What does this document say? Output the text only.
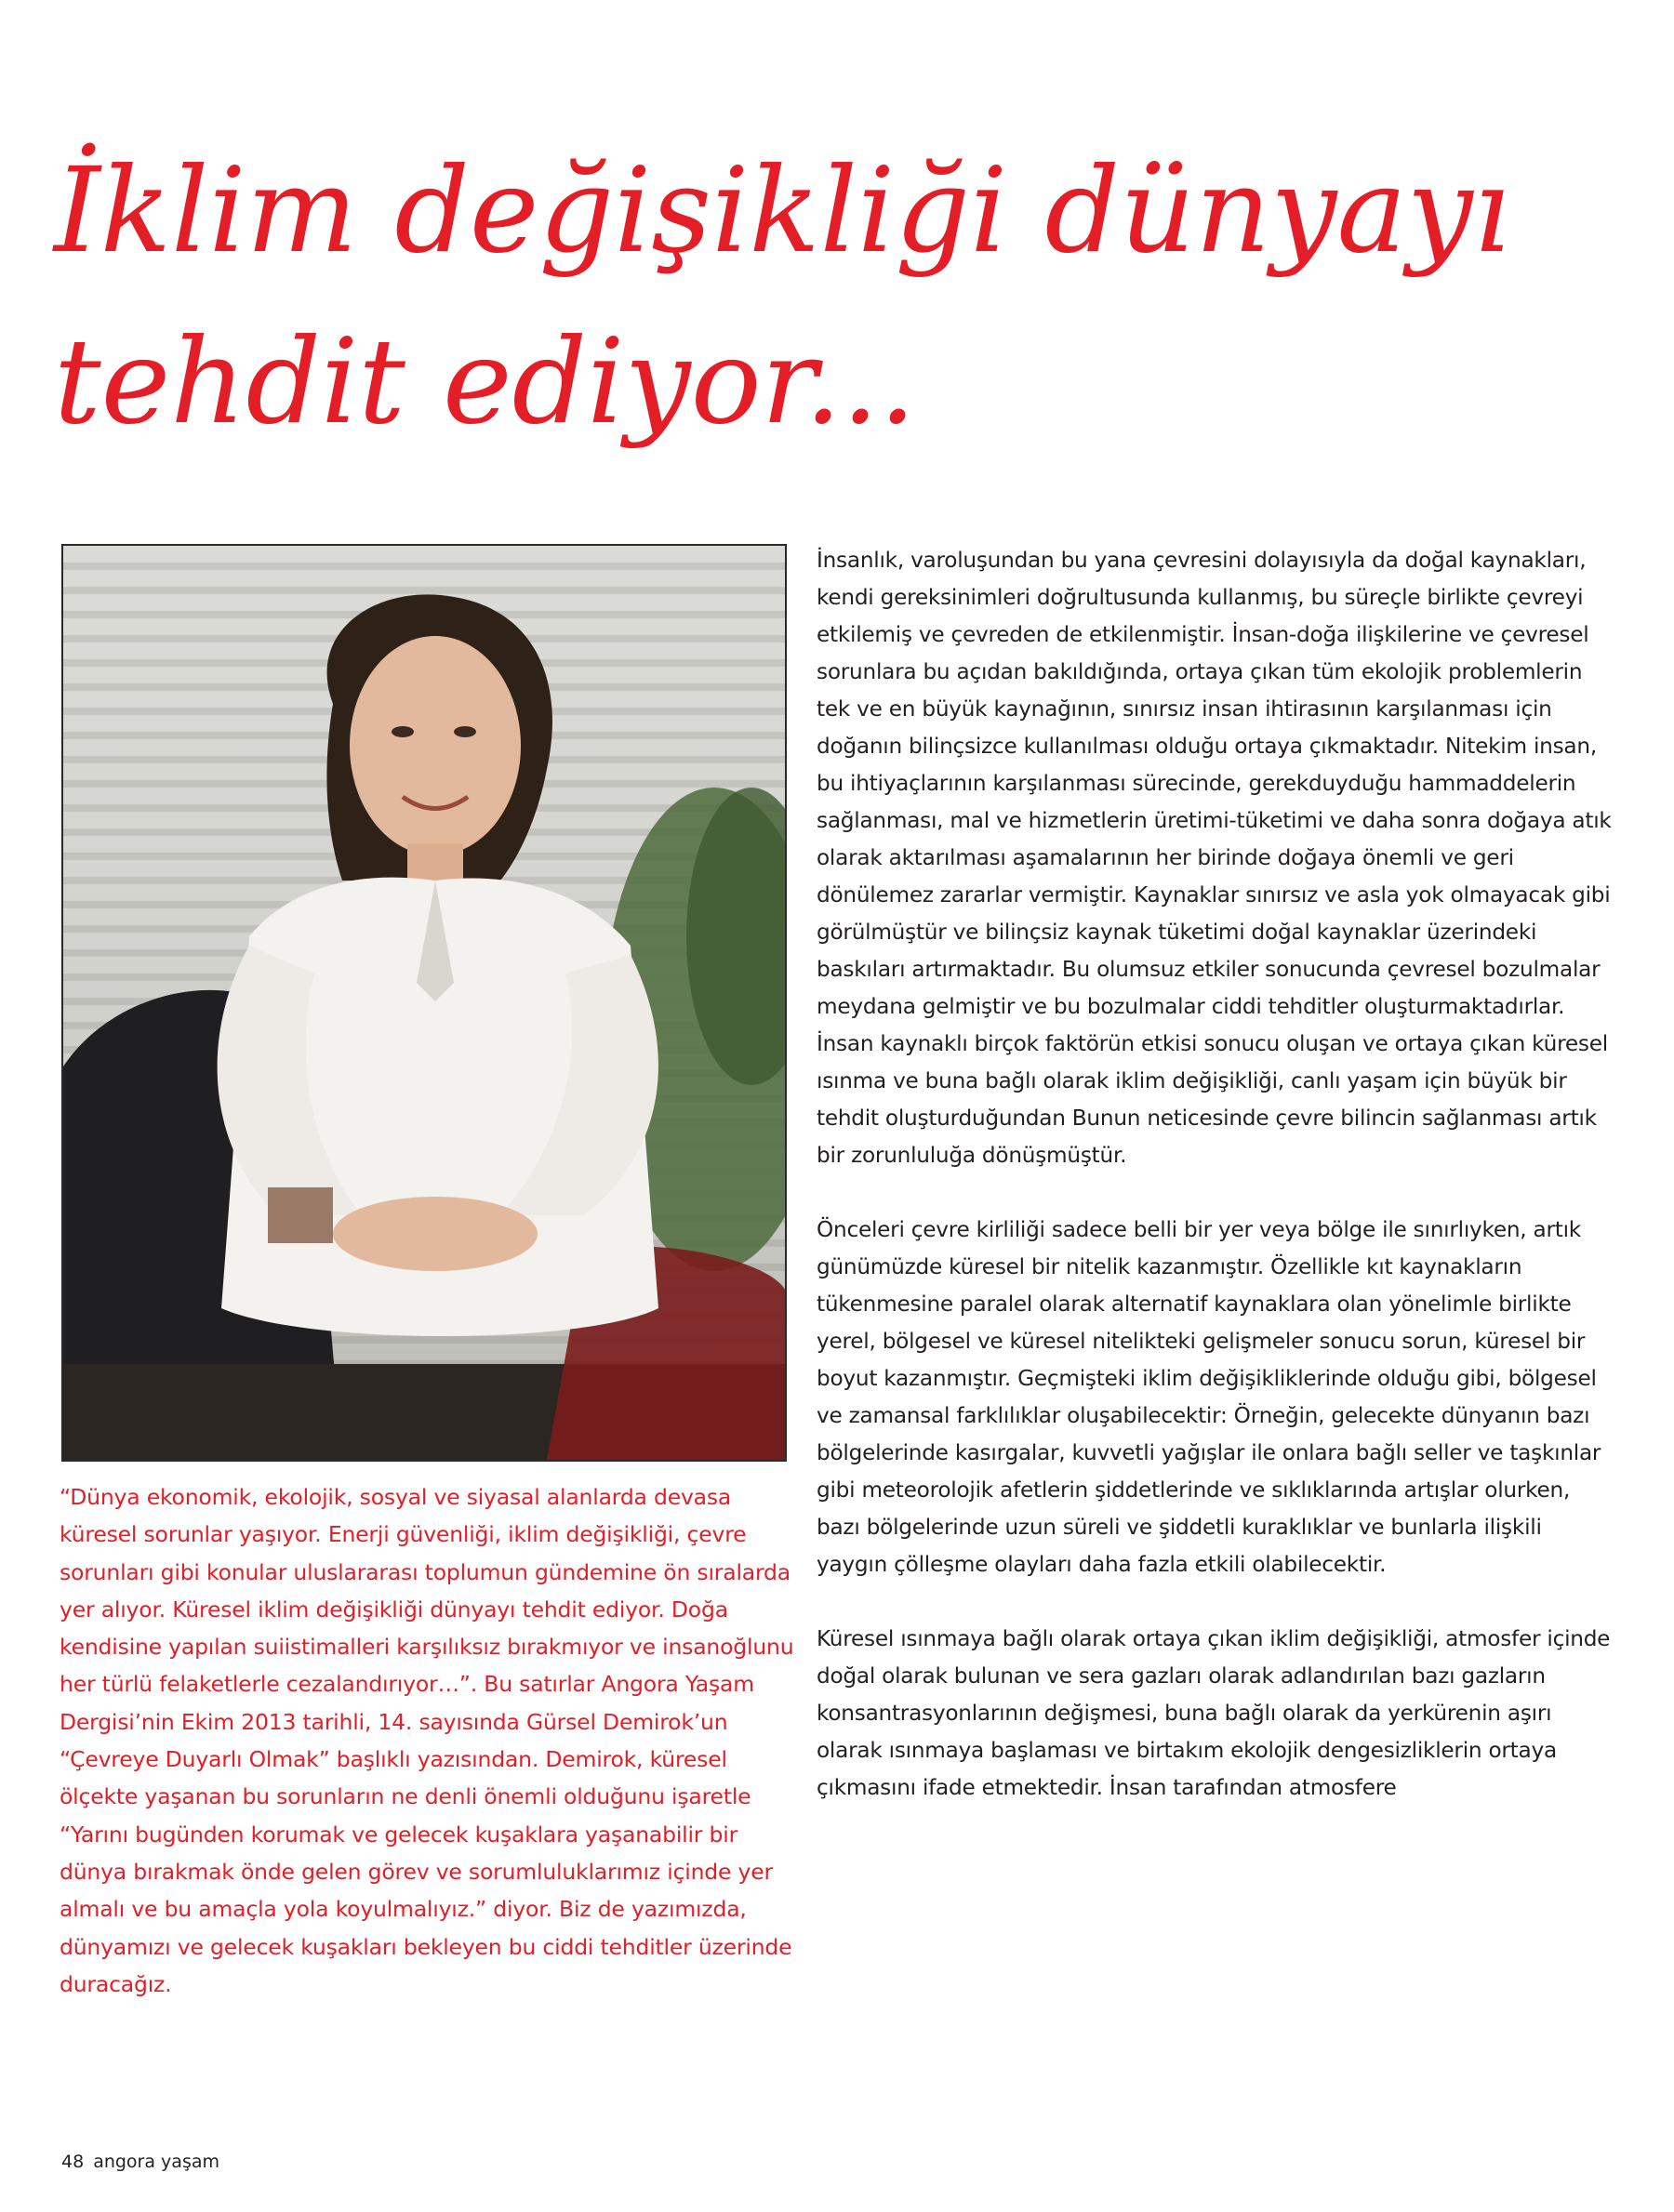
İklim değişikliği dünyayı tehdit ediyor...

“Dünya ekonomik, ekolojik, sosyal ve siyasal alanlarda devasa küresel sorunlar yaşıyor. Enerji güvenliği, iklim değişikliği, çevre sorunları gibi konular uluslararası toplumun gündemine ön sıralarda yer alıyor. Küresel iklim değişikliği dünyayı tehdit ediyor. Doğa kendisine yapılan suiistimalleri karşılıksız bırakmıyor ve insanoğlunu her türlü felaketlerle cezalandırıyor…”. Bu satırlar Angora Yaşam Dergisi’nin Ekim 2013 tarihli, 14. sayısında Gürsel Demirok’un “Çevreye Duyarlı Olmak” başlıklı yazısından. Demirok, küresel ölçekte yaşanan bu sorunların ne denli önemli olduğunu işaretle “Yarını bugünden korumak ve gelecek kuşaklara yaşanabilir bir dünya bırakmak önde gelen görev ve sorumluluklarımız içinde yer almalı ve bu amaçla yola koyulmalıyız.” diyor. Biz de yazımızda, dünyamızı ve gelecek kuşakları bekleyen bu ciddi tehditler üzerinde duracağız.

İnsanlık, varoluşundan bu yana çevresini dolayısıyla da doğal kaynakları, kendi gereksinimleri doğrultusunda kullanmış, bu süreçle birlikte çevreyi etkilemiş ve çevreden de etkilenmiştir. İnsan-doğa ilişkilerine ve çevresel sorunlara bu açıdan bakıldığında, ortaya çıkan tüm ekolojik problemlerin tek ve en büyük kaynağının, sınırsız insan ihtirasının karşılanması için doğanın bilinçsizce kullanılması olduğu ortaya çıkmaktadır. Nitekim insan, bu ihtiyaçlarının karşılanması sürecinde, gerekduyduğu hammaddelerin sağlanması, mal ve hizmetlerin üretimi-tüketimi ve daha sonra doğaya atık olarak aktarılması aşamalarının her birinde doğaya önemli ve geri dönülemez zararlar vermiştir. Kaynaklar sınırsız ve asla yok olmayacak gibi görülmüştür ve bilinçsiz kaynak tüketimi doğal kaynaklar üzerindeki baskıları artırmaktadır. Bu olumsuz etkiler sonucunda çevresel bozulmalar meydana gelmiştir ve bu bozulmalar ciddi tehditler oluşturmaktadırlar. İnsan kaynaklı birçok faktörün etkisi sonucu oluşan ve ortaya çıkan küresel ısınma ve buna bağlı olarak iklim değişikliği, canlı yaşam için büyük bir tehdit oluşturduğundan Bunun neticesinde çevre bilincin sağlanması artık bir zorunluluğa dönüşmüştür.

Önceleri çevre kirliliği sadece belli bir yer veya bölge ile sınırlıyken, artık günümüzde küresel bir nitelik kazanmıştır. Özellikle kıt kaynakların tükenmesine paralel olarak alternatif kaynaklara olan yönelimle birlikte yerel, bölgesel ve küresel nitelikteki gelişmeler sonucu sorun, küresel bir boyut kazanmıştır. Geçmişteki iklim değişikliklerinde olduğu gibi, bölgesel ve zamansal farklılıklar oluşabilecektir: Örneğin, gelecekte dünyanın bazı bölgelerinde kasırgalar, kuvvetli yağışlar ile onlara bağlı seller ve taşkınlar gibi meteorolojik afetlerin şiddetlerinde ve sıklıklarında artışlar olurken, bazı bölgelerinde uzun süreli ve şiddetli kuraklıklar ve bunlarla ilişkili yaygın çölleşme olayları daha fazla etkili olabilecektir.

Küresel ısınmaya bağlı olarak ortaya çıkan iklim değişikliği, atmosfer içinde doğal olarak bulunan ve sera gazları olarak adlandırılan bazı gazların konsantrasyonlarının değişmesi, buna bağlı olarak da yerkürenin aşırı olarak ısınmaya başlaması ve birtakım ekolojik dengesizliklerin ortaya çıkmasını ifade etmektedir. İnsan tarafından atmosfere

48 angora yaşam
